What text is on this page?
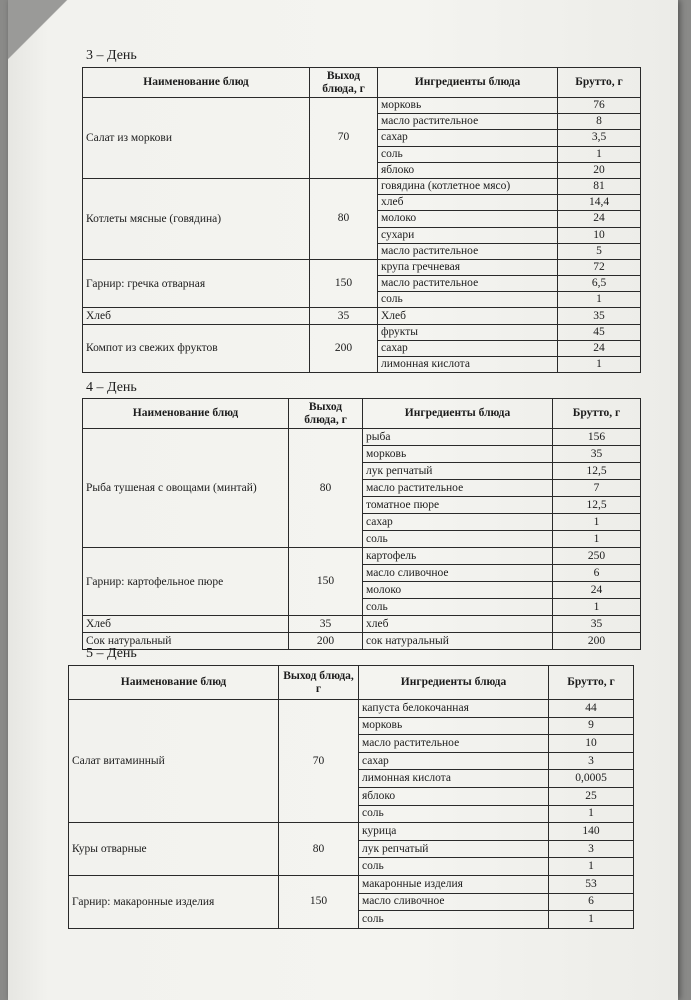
3 – День
Наименование блюд	Выход блюда, г	Ингредиенты блюда	Брутто, г
Салат из моркови	70	морковь	76
		масло растительное	8
		сахар	3,5
		соль	1
		яблоко	20
Котлеты мясные (говядина)	80	говядина (котлетное мясо)	81
		хлеб	14,4
		молоко	24
		сухари	10
		масло растительное	5
Гарнир: гречка отварная	150	крупа гречневая	72
		масло растительное	6,5
		соль	1
Хлеб	35	Хлеб	35
Компот из свежих фруктов	200	фрукты	45
		сахар	24
		лимонная кислота	1
4 – День
Наименование блюд	Выход блюда, г	Ингредиенты блюда	Брутто, г
Рыба тушеная с овощами (минтай)	80	рыба	156
		морковь	35
		лук репчатый	12,5
		масло растительное	7
		томатное пюре	12,5
		сахар	1
		соль	1
Гарнир: картофельное пюре	150	картофель	250
		масло сливочное	6
		молоко	24
		соль	1
Хлеб	35	хлеб	35
Сок натуральный	200	сок натуральный	200
5 – День
Наименование блюд	Выход блюда, г	Ингредиенты блюда	Брутто, г
Салат витаминный	70	капуста белокочанная	44
		морковь	9
		масло растительное	10
		сахар	3
		лимонная кислота	0,0005
		яблоко	25
		соль	1
Куры отварные	80	курица	140
		лук репчатый	3
		соль	1
Гарнир: макаронные изделия	150	макаронные изделия	53
		масло сливочное	6
		соль	1
